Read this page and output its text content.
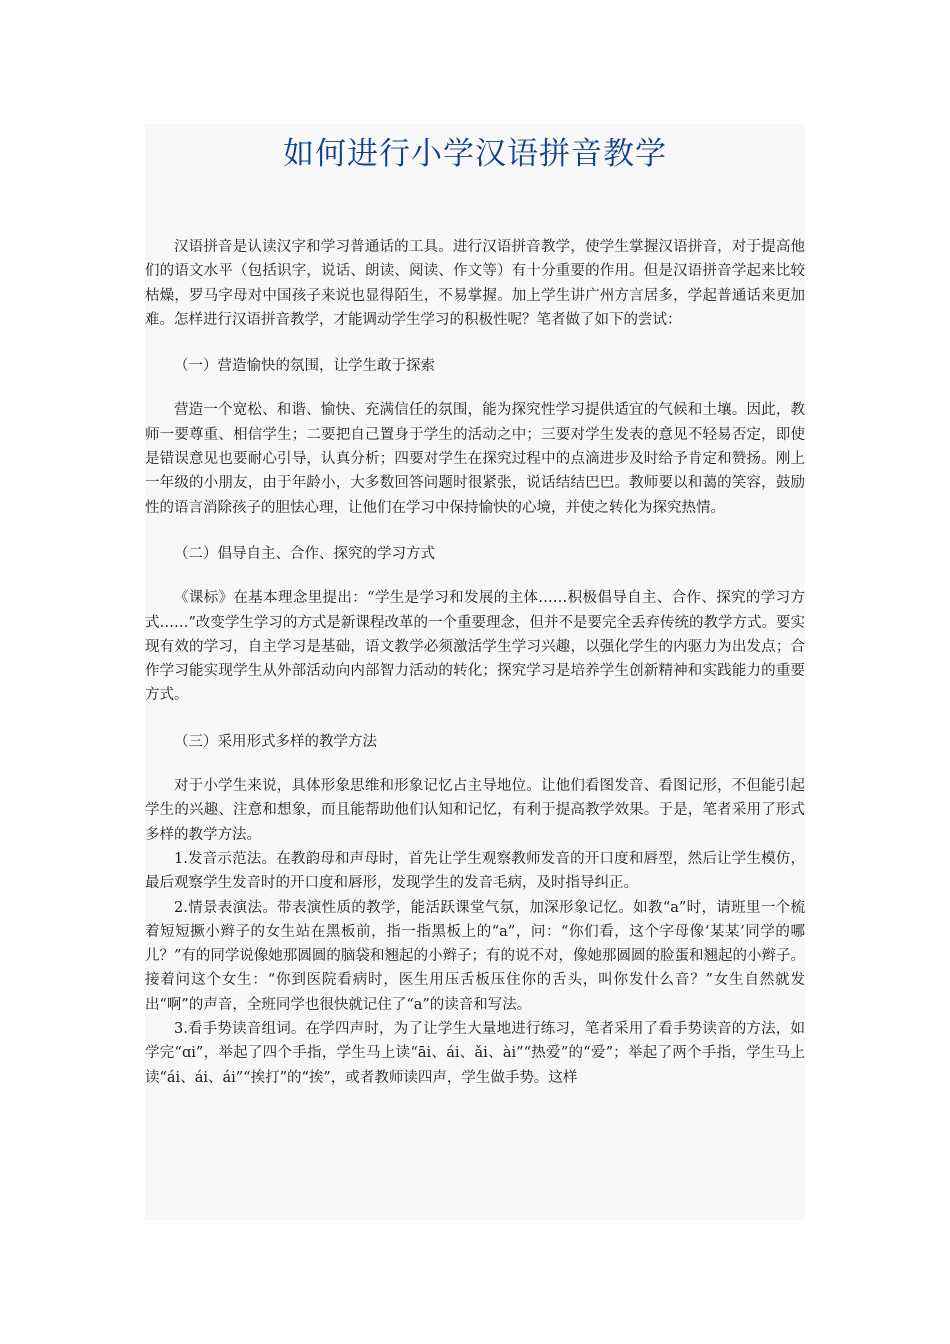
如何进行小学汉语拼音教学

汉语拼音是认读汉字和学习普通话的工具。进行汉语拼音教学，使学生掌握汉语拼音，对于提高他们的语文水平（包括识字，说话、朗读、阅读、作文等）有十分重要的作用。但是汉语拼音学起来比较枯燥，罗马字母对中国孩子来说也显得陌生，不易掌握。加上学生讲广州方言居多，学起普通话来更加难。怎样进行汉语拼音教学，才能调动学生学习的积极性呢？笔者做了如下的尝试：

（一）营造愉快的氛围，让学生敢于探索

营造一个宽松、和谐、愉快、充满信任的氛围，能为探究性学习提供适宜的气候和土壤。因此，教师一要尊重、相信学生；二要把自己置身于学生的活动之中；三要对学生发表的意见不轻易否定，即使是错误意见也要耐心引导，认真分析；四要对学生在探究过程中的点滴进步及时给予肯定和赞扬。刚上一年级的小朋友，由于年龄小，大多数回答问题时很紧张，说话结结巴巴。教师要以和蔼的笑容，鼓励性的语言消除孩子的胆怯心理，让他们在学习中保持愉快的心境，并使之转化为探究热情。

（二）倡导自主、合作、探究的学习方式

《课标》在基本理念里提出：“学生是学习和发展的主体……积极倡导自主、合作、探究的学习方式……”改变学生学习的方式是新课程改革的一个重要理念，但并不是要完全丢弃传统的教学方式。要实现有效的学习，自主学习是基础，语文教学必须激活学生学习兴趣，以强化学生的内驱力为出发点；合作学习能实现学生从外部活动向内部智力活动的转化；探究学习是培养学生创新精神和实践能力的重要方式。

（三）采用形式多样的教学方法

对于小学生来说，具体形象思维和形象记忆占主导地位。让他们看图发音、看图记形，不但能引起学生的兴趣、注意和想象，而且能帮助他们认知和记忆，有利于提高教学效果。于是，笔者采用了形式多样的教学方法。

1.发音示范法。在教韵母和声母时，首先让学生观察教师发音的开口度和唇型，然后让学生模仿，最后观察学生发音时的开口度和唇形，发现学生的发音毛病，及时指导纠正。

2.情景表演法。带表演性质的教学，能活跃课堂气氛，加深形象记忆。如教“a”时，请班里一个梳着短短撅小辫子的女生站在黑板前，指一指黑板上的“a”，问：“你们看，这个字母像‘某某’同学的哪儿？”有的同学说像她那圆圆的脑袋和翘起的小辫子；有的说不对，像她那圆圆的脸蛋和翘起的小辫子。接着问这个女生：“你到医院看病时，医生用压舌板压住你的舌头，叫你发什么音？”女生自然就发出“啊”的声音，全班同学也很快就记住了“a”的读音和写法。

3.看手势读音组词。在学四声时，为了让学生大量地进行练习，笔者采用了看手势读音的方法，如学完“ɑi”，举起了四个手指，学生马上读“āi、ái、ǎi、ài”“热爱”的“爱”；举起了两个手指，学生马上读“ái、ái、ái”“挨打”的“挨”，或者教师读四声，学生做手势。这样
